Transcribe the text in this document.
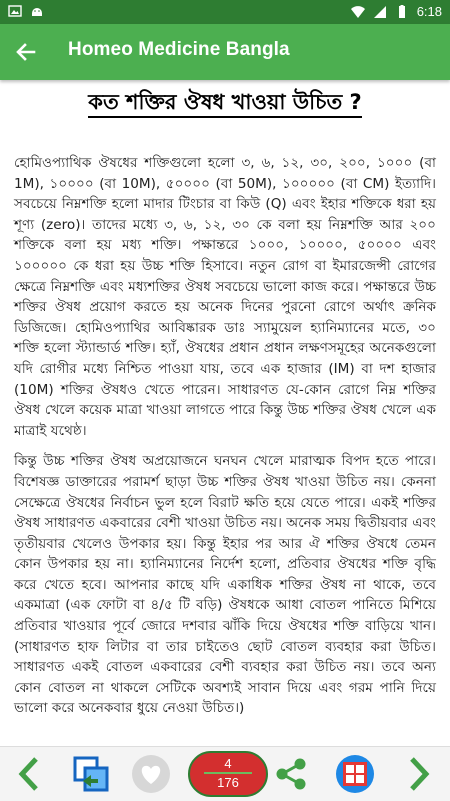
6:18
Homeo Medicine Bangla
কত শক্তির ঔষধ খাওয়া উচিত ?

হোমিওপ্যাথিক ঔষধের শক্তিগুলো হলো ৩, ৬, ১২, ৩০, ২০০, ১০০০ (বা 1M), ১০০০০ (বা 10M), ৫০০০০ (বা 50M), ১০০০০০ (বা CM) ইত্যাদি। সবচেয়ে নিম্নশক্তি হলো মাদার টিংচার বা কিউ (Q) এবং ইহার শক্তিকে ধরা হয় শূণ্য (zero)। তাদের মধ্যে ৩, ৬, ১২, ৩০ কে বলা হয় নিম্নশক্তি আর ২০০ শক্তিকে বলা হয় মধ্য শক্তি। পক্ষান্তরে ১০০০, ১০০০০, ৫০০০০ এবং ১০০০০০ কে ধরা হয় উচ্চ শক্তি হিসাবে। নতুন রোগ বা ইমারজেন্সী রোগের ক্ষেত্রে নিম্নশক্তি এবং মধ্যশক্তির ঔষধ সবচেয়ে ভালো কাজ করে। পক্ষান্তরে উচ্চ শক্তির ঔষধ প্রয়োগ করতে হয় অনেক দিনের পুরনো রোগে অর্থাৎ ক্রনিক ডিজিজে। হোমিওপ্যাথির আবিষ্কারক ডাঃ স্যামুয়েল হ্যানিম্যানের মতে, ৩০ শক্তি হলো স্ট্যান্ডার্ড শক্তি। হ্যাঁ, ঔষধের প্রধান প্রধান লক্ষণসমূহের অনেকগুলো যদি রোগীর মধ্যে নিশ্চিত পাওয়া যায়, তবে এক হাজার (IM) বা দশ হাজার (10M) শক্তির ঔষধও খেতে পারেন। সাধারণত যে-কোন রোগে নিম্ন শক্তির ঔষধ খেলে কয়েক মাত্রা খাওয়া লাগতে পারে কিন্তু উচ্চ শক্তির ঔষধ খেলে এক মাত্রাই যথেষ্ঠ।

কিন্তু উচ্চ শক্তির ঔষধ অপ্রয়োজনে ঘনঘন খেলে মারাত্মক বিপদ হতে পারে। বিশেষজ্ঞ ডাক্তারের পরামর্শ ছাড়া উচ্চ শক্তির ঔষধ খাওয়া উচিত নয়। কেননা সেক্ষেত্রে ঔষধের নির্বাচন ভুল হলে বিরাট ক্ষতি হয়ে যেতে পারে। একই শক্তির ঔষধ সাধারণত একবারের বেশী খাওয়া উচিত নয়। অনেক সময় দ্বিতীয়বার এবং তৃতীয়বার খেলেও উপকার হয়। কিন্তু ইহার পর আর ঐ শক্তির ঔষধে তেমন কোন উপকার হয় না। হ্যানিম্যানের নির্দেশ হলো, প্রতিবার ঔষধের শক্তি বৃদ্ধি করে খেতে হবে। আপনার কাছে যদি একাধিক শক্তির ঔষধ না থাকে, তবে একমাত্রা (এক ফোটা বা ৪/৫ টি বড়ি) ঔষধকে আধা বোতল পানিতে মিশিয়ে প্রতিবার খাওয়ার পূর্বে জোরে দশবার ঝাঁকি দিয়ে ঔষধের শক্তি বাড়িয়ে খান। (সাধারণত হাফ লিটার বা তার চাইতেও ছোট বোতল ব্যবহার করা উচিত। সাধারণত একই বোতল একবারের বেশী ব্যবহার করা উচিত নয়। তবে অন্য কোন বোতল না থাকলে সেটিকে অবশ্যই সাবান দিয়ে এবং গরম পানি দিয়ে ভালো করে অনেকবার ধুয়ে নেওয়া উচিত।)

4
176
